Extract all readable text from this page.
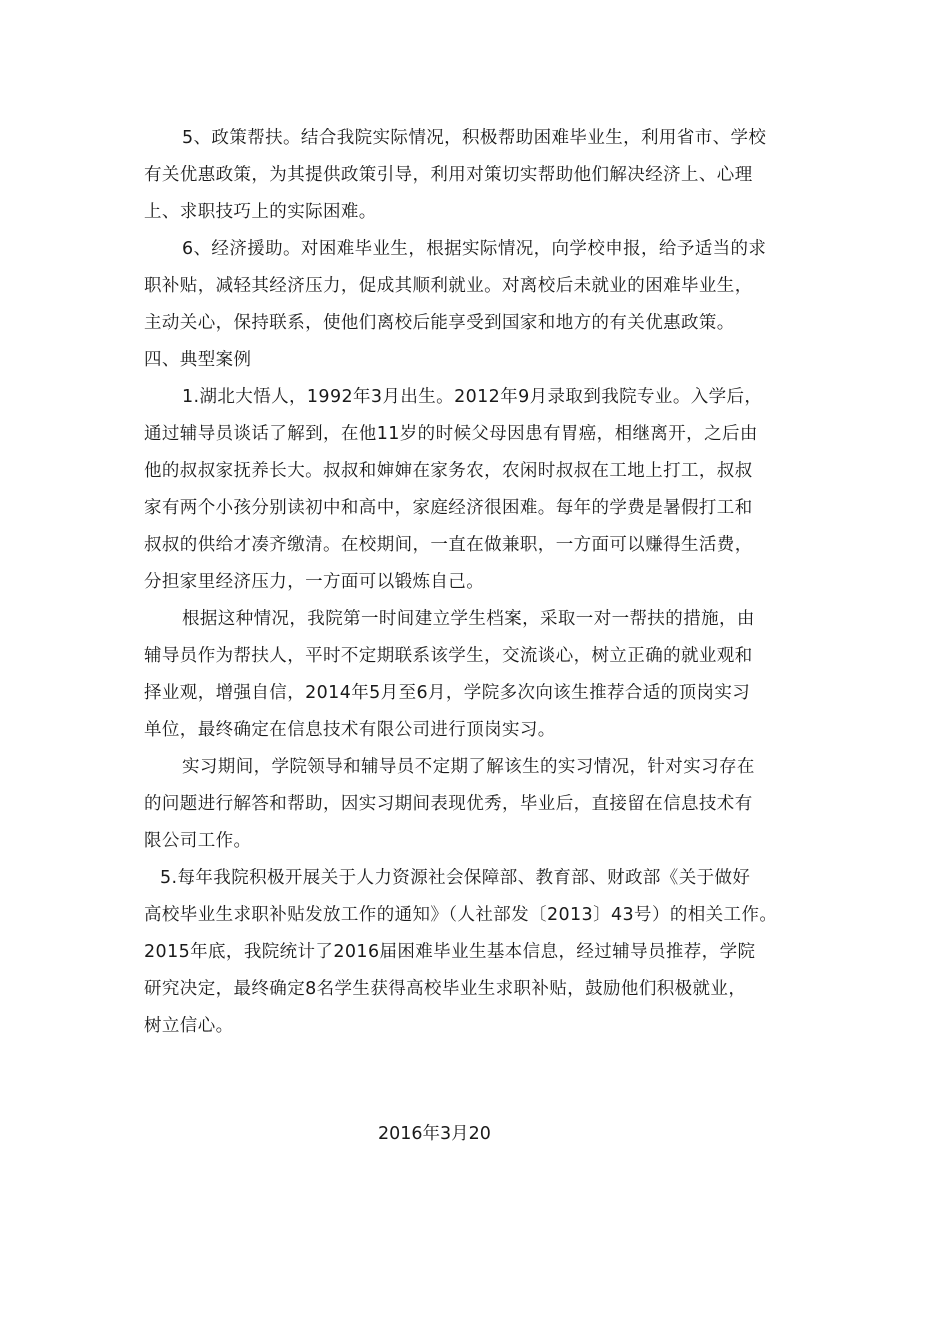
5、政策帮扶。结合我院实际情况，积极帮助困难毕业生，利用省市、学校
有关优惠政策，为其提供政策引导，利用对策切实帮助他们解决经济上、心理
上、求职技巧上的实际困难。
6、经济援助。对困难毕业生，根据实际情况，向学校申报，给予适当的求
职补贴，减轻其经济压力，促成其顺利就业。对离校后未就业的困难毕业生，
主动关心，保持联系，使他们离校后能享受到国家和地方的有关优惠政策。
四、典型案例
1.湖北大悟人，1992年3月出生。2012年9月录取到我院专业。入学后，
通过辅导员谈话了解到，在他11岁的时候父母因患有胃癌，相继离开，之后由
他的叔叔家抚养长大。叔叔和婶婶在家务农，农闲时叔叔在工地上打工，叔叔
家有两个小孩分别读初中和高中，家庭经济很困难。每年的学费是暑假打工和
叔叔的供给才凑齐缴清。在校期间，一直在做兼职，一方面可以赚得生活费，
分担家里经济压力，一方面可以锻炼自己。
根据这种情况，我院第一时间建立学生档案，采取一对一帮扶的措施，由
辅导员作为帮扶人，平时不定期联系该学生，交流谈心，树立正确的就业观和
择业观，增强自信，2014年5月至6月，学院多次向该生推荐合适的顶岗实习
单位，最终确定在信息技术有限公司进行顶岗实习。
实习期间，学院领导和辅导员不定期了解该生的实习情况，针对实习存在
的问题进行解答和帮助，因实习期间表现优秀，毕业后，直接留在信息技术有
限公司工作。
5.每年我院积极开展关于人力资源社会保障部、教育部、财政部《关于做好
高校毕业生求职补贴发放工作的通知》（人社部发〔2013〕43号）的相关工作。
2015年底，我院统计了2016届困难毕业生基本信息，经过辅导员推荐，学院
研究决定，最终确定8名学生获得高校毕业生求职补贴，鼓励他们积极就业，
树立信心。
2016年3月20
